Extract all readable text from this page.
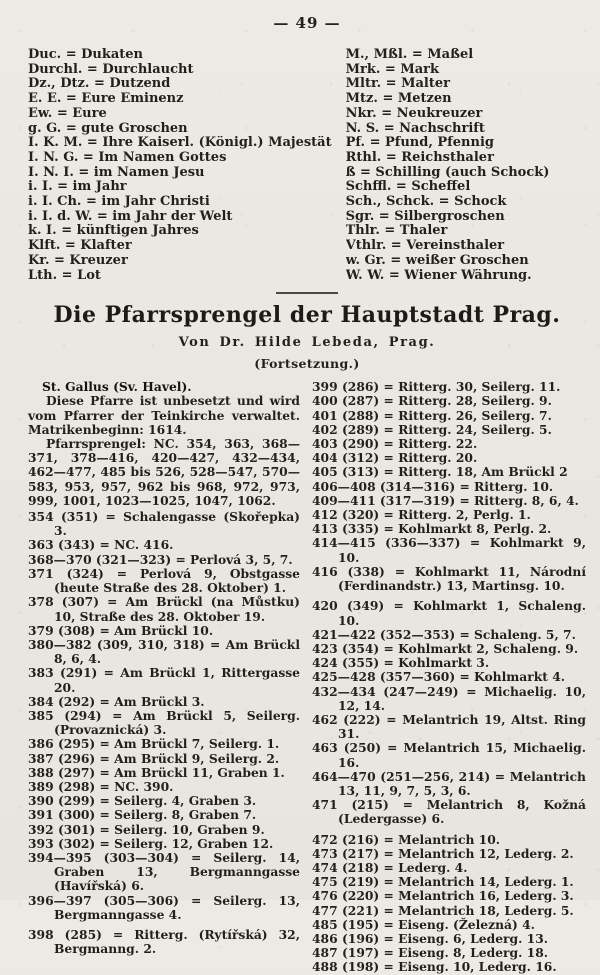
— 49 —

Duc. = Dukaten

Durchl. = Durchlaucht

Dz., Dtz. = Dutzend

E. E. = Eure Eminenz

Ew. = Eure

g. G. = gute Groschen

I. K. M. = Ihre Kaiserl. (Königl.) Majestät

I. N. G. = Im Namen Gottes

I. N. I. = im Namen Jesu

i. I. = im Jahr

i. I. Ch. = im Jahr Christi

i. I. d. W. = im Jahr der Welt

k. I. = künftigen Jahres

Klft. = Klafter

Kr. = Kreuzer

Lth. = Lot

M., Mßl. = Maßel

Mrk. = Mark

Mltr. = Malter

Mtz. = Metzen

Nkr. = Neukreuzer

N. S. = Nachschrift

Pf. = Pfund, Pfennig

Rthl. = Reichsthaler

ß = Schilling (auch Schock)

Schffl. = Scheffel

Sch., Schck. = Schock

Sgr. = Silbergroschen

Thlr. = Thaler

Vthlr. = Vereinsthaler

w. Gr. = weißer Groschen

W. W. = Wiener Währung.

Die Pfarrsprengel der Hauptstadt Prag.

Von Dr. Hilde Lebeda, Prag.

(Fortsetzung.)

St. Gallus (Sv. Havel).

Diese Pfarre ist unbesetzt und wird vom Pfarrer der Teinkirche verwaltet. Matrikenbeginn: 1614.

Pfarrsprengel: NC. 354, 363, 368—371, 378—416, 420—427, 432—434, 462—477, 485 bis 526, 528—547, 570—583, 953, 957, 962 bis 968, 972, 973, 999, 1001, 1023—1025, 1047, 1062.

354 (351) = Schalengasse (Skořepka) 3.

363 (343) = NC. 416.

368—370 (321—323) = Perlová 3, 5, 7.

371 (324) = Perlová 9, Obstgasse (heute Straße des 28. Oktober) 1.

378 (307) = Am Brückl (na Můstku) 10, Straße des 28. Oktober 19.

379 (308) = Am Brückl 10.

380—382 (309, 310, 318) = Am Brückl 8, 6, 4.

383 (291) = Am Brückl 1, Rittergasse 20.

384 (292) = Am Brückl 3.

385 (294) = Am Brückl 5, Seilerg. (Provaznická) 3.

386 (295) = Am Brückl 7, Seilerg. 1.

387 (296) = Am Brückl 9, Seilerg. 2.

388 (297) = Am Brückl 11, Graben 1.

389 (298) = NC. 390.

390 (299) = Seilerg. 4, Graben 3.

391 (300) = Seilerg. 8, Graben 7.

392 (301) = Seilerg. 10, Graben 9.

393 (302) = Seilerg. 12, Graben 12.

394—395 (303—304) = Seilerg. 14, Graben 13, Bergmanngasse (Havířská) 6.

396—397 (305—306) = Seilerg. 13, Bergmanngasse 4.

398 (285) = Ritterg. (Rytířská) 32, Bergmanng. 2.

399 (286) = Ritterg. 30, Seilerg. 11.

400 (287) = Ritterg. 28, Seilerg. 9.

401 (288) = Ritterg. 26, Seilerg. 7.

402 (289) = Ritterg. 24, Seilerg. 5.

403 (290) = Ritterg. 22.

404 (312) = Ritterg. 20.

405 (313) = Ritterg. 18, Am Brückl 2

406—408 (314—316) = Ritterg. 10.

409—411 (317—319) = Ritterg. 8, 6, 4.

412 (320) = Ritterg. 2, Perlg. 1.

413 (335) = Kohlmarkt 8, Perlg. 2.

414—415 (336—337) = Kohlmarkt 9, 10.

416 (338) = Kohlmarkt 11, Národní (Ferdinandstr.) 13, Martinsg. 10.

420 (349) = Kohlmarkt 1, Schaleng. 10.

421—422 (352—353) = Schaleng. 5, 7.

423 (354) = Kohlmarkt 2, Schaleng. 9.

424 (355) = Kohlmarkt 3.

425—428 (357—360) = Kohlmarkt 4.

432—434 (247—249) = Michaelig. 10, 12, 14.

462 (222) = Melantrich 19, Altst. Ring 31.

463 (250) = Melantrich 15, Michaelig. 16.

464—470 (251—256, 214) = Melantrich 13, 11, 9, 7, 5, 3, 6.

471 (215) = Melantrich 8, Kožná (Ledergasse) 6.

472 (216) = Melantrich 10.

473 (217) = Melantrich 12, Lederg. 2.

474 (218) = Lederg. 4.

475 (219) = Melantrich 14, Lederg. 1.

476 (220) = Melantrich 16, Lederg. 3.

477 (221) = Melantrich 18, Lederg. 5.

485 (195) = Eiseng. (Železná) 4.

486 (196) = Eiseng. 6, Lederg. 13.

487 (197) = Eiseng. 8, Lederg. 18.

488 (198) = Eiseng. 10, Lederg. 16.
